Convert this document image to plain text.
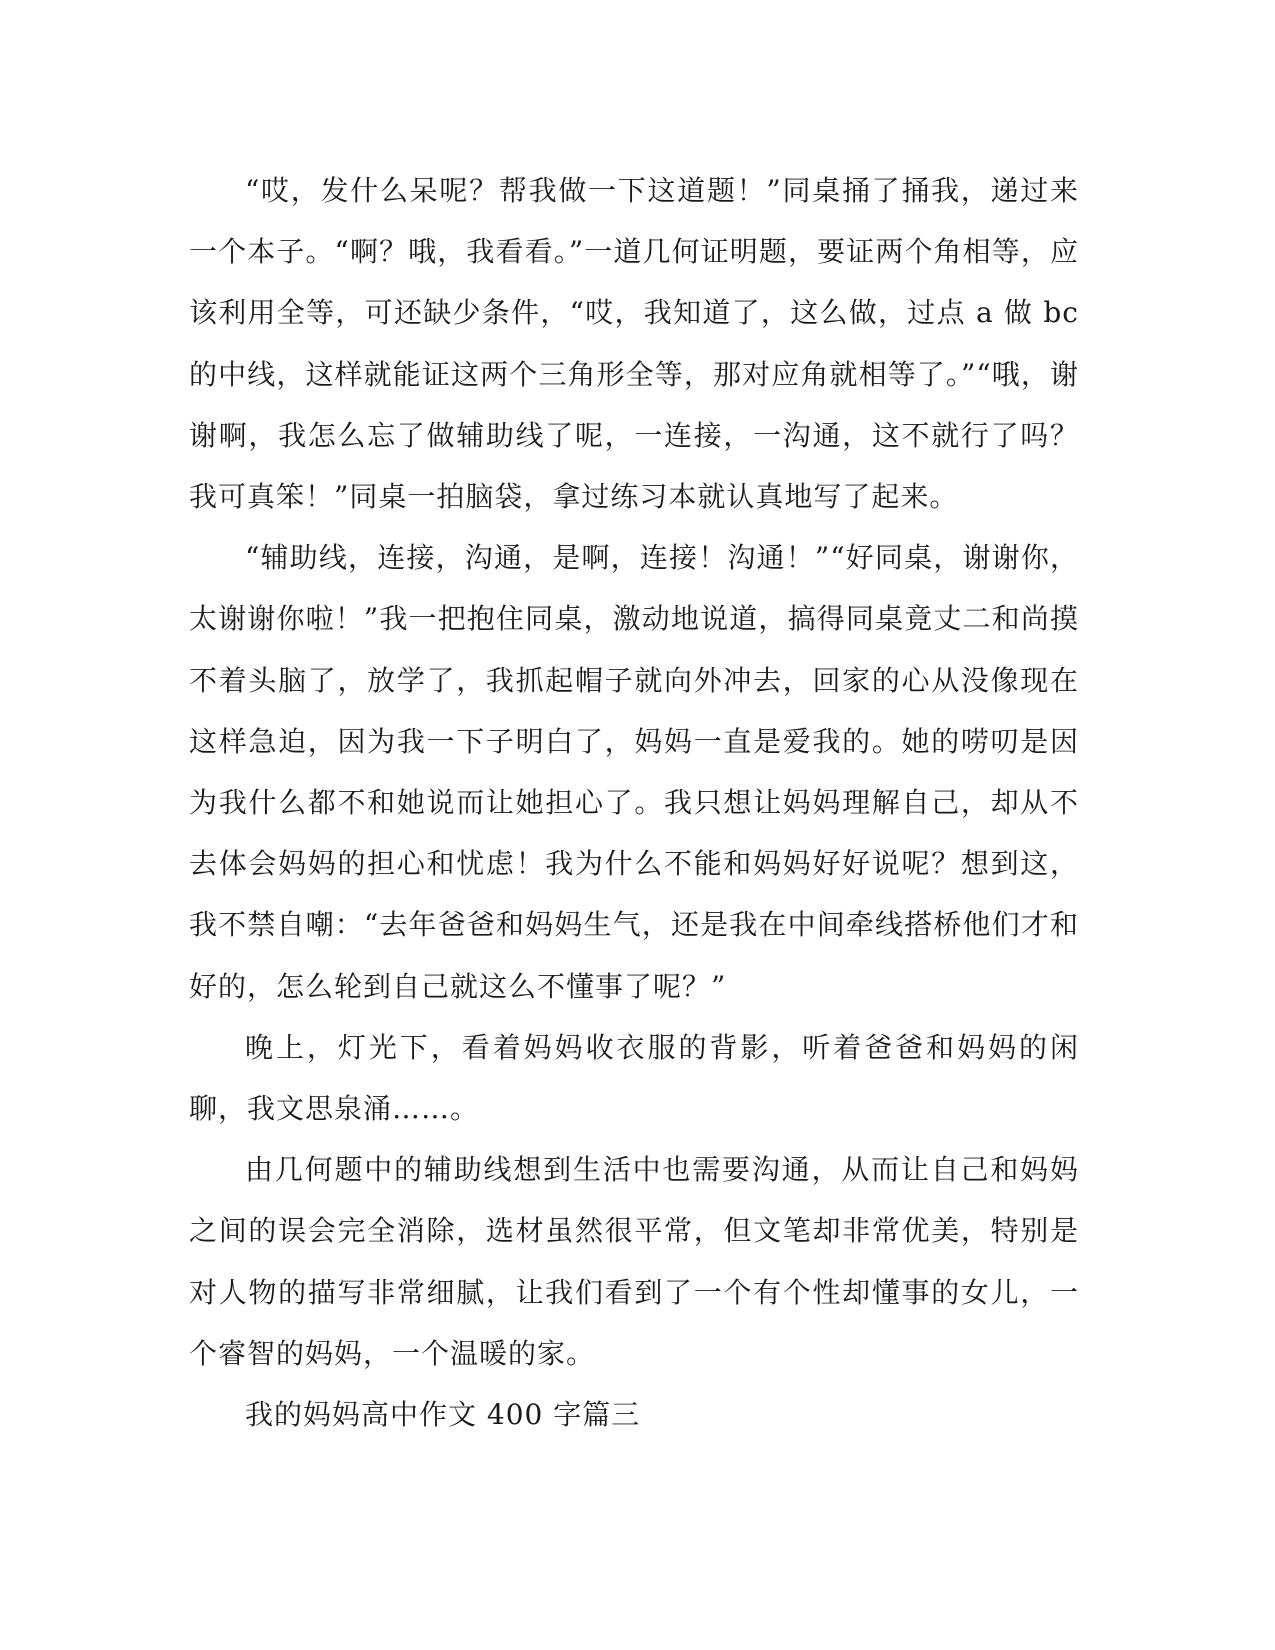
“哎，发什么呆呢？帮我做一下这道题！”同桌捅了捅我，递过来一个本子。“啊？哦，我看看。”一道几何证明题，要证两个角相等，应该利用全等，可还缺少条件，“哎，我知道了，这么做，过点 a 做 bc 的中线，这样就能证这两个三角形全等，那对应角就相等了。”“哦，谢谢啊，我怎么忘了做辅助线了呢，一连接，一沟通，这不就行了吗？我可真笨！”同桌一拍脑袋，拿过练习本就认真地写了起来。

“辅助线，连接，沟通，是啊，连接！沟通！”“好同桌，谢谢你，太谢谢你啦！”我一把抱住同桌，激动地说道，搞得同桌竟丈二和尚摸不着头脑了，放学了，我抓起帽子就向外冲去，回家的心从没像现在这样急迫，因为我一下子明白了，妈妈一直是爱我的。她的唠叨是因为我什么都不和她说而让她担心了。我只想让妈妈理解自己，却从不去体会妈妈的担心和忧虑！我为什么不能和妈妈好好说呢？想到这，我不禁自嘲：“去年爸爸和妈妈生气，还是我在中间牵线搭桥他们才和好的，怎么轮到自己就这么不懂事了呢？”

晚上，灯光下，看着妈妈收衣服的背影，听着爸爸和妈妈的闲聊，我文思泉涌……。

由几何题中的辅助线想到生活中也需要沟通，从而让自己和妈妈之间的误会完全消除，选材虽然很平常，但文笔却非常优美，特别是对人物的描写非常细腻，让我们看到了一个有个性却懂事的女儿，一个睿智的妈妈，一个温暖的家。

我的妈妈高中作文 400 字篇三
